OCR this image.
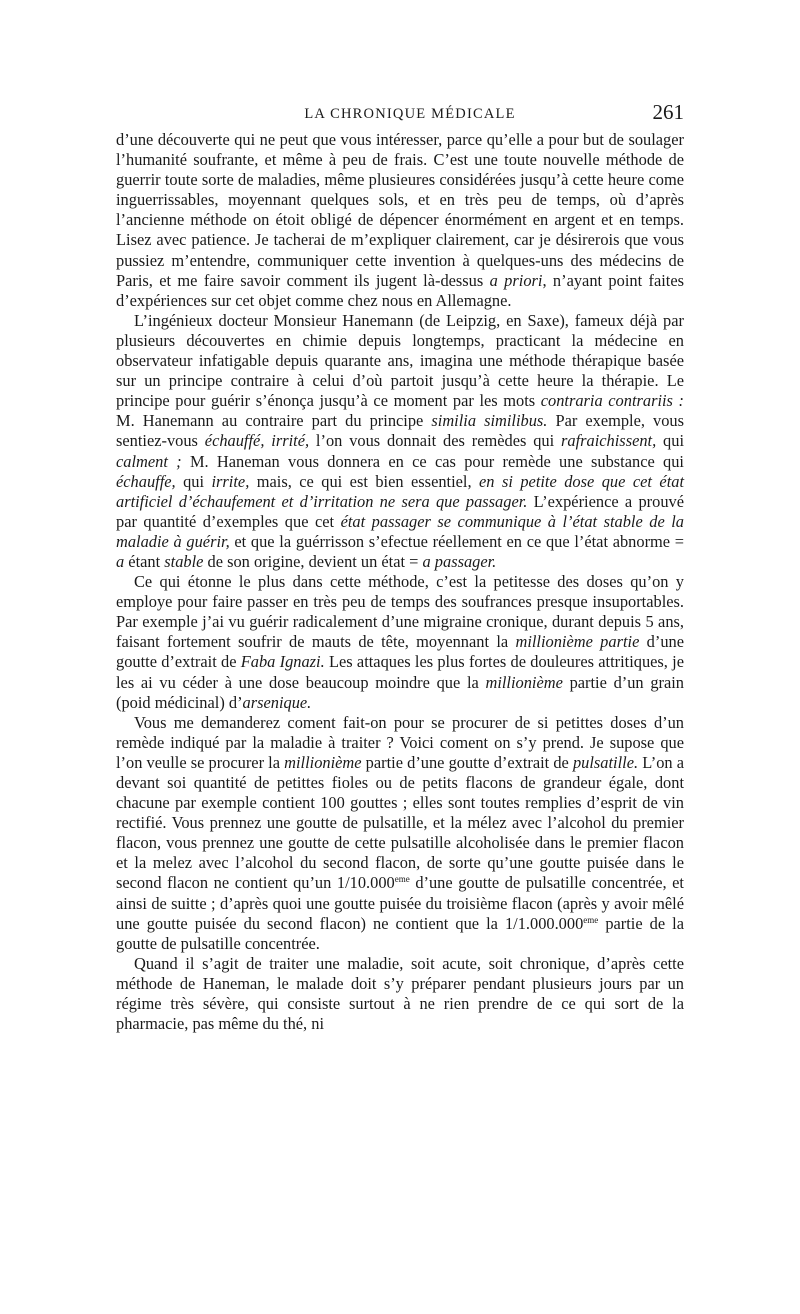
LA CHRONIQUE MÉDICALE	261

d’une découverte qui ne peut que vous intéresser, parce qu’elle a pour but de soulager l’humanité soufrante, et même à peu de frais. C’est une toute nouvelle méthode de guerrir toute sorte de maladies, même plusieures considérées jusqu’à cette heure come inguerrissables, moyennant quelques sols, et en très peu de temps, où d’après l’ancienne méthode on étoit obligé de dépencer énormément en argent et en temps. Lisez avec patience. Je tacherai de m’expliquer clairement, car je désirerois que vous pussiez m’entendre, communiquer cette invention à quelques-uns des médecins de Paris, et me faire savoir comment ils jugent là-dessus a priori, n’ayant point faites d’expériences sur cet objet comme chez nous en Allemagne.

L’ingénieux docteur Monsieur Hanemann (de Leipzig, en Saxe), fameux déjà par plusieurs découvertes en chimie depuis longtemps, practicant la médecine en observateur infatigable depuis quarante ans, imagina une méthode thérapique basée sur un principe contraire à celui d’où partoit jusqu’à cette heure la thérapie. Le principe pour guérir s’énonça jusqu’à ce moment par les mots contraria contrariis : M. Hanemann au contraire part du principe similia similibus. Par exemple, vous sentiez-vous échauffé, irrité, l’on vous donnait des remèdes qui rafraichissent, qui calment ; M. Haneman vous donnera en ce cas pour remède une substance qui échauffe, qui irrite, mais, ce qui est bien essentiel, en si petite dose que cet état artificiel d’échaufement et d’irritation ne sera que passager. L’expérience a prouvé par quantité d’exemples que cet état passager se communique à l’état stable de la maladie à guérir, et que la guérrisson s’efectue réellement en ce que l’état abnorme = a étant stable de son origine, devient un état = a passager.

Ce qui étonne le plus dans cette méthode, c’est la petitesse des doses qu’on y employe pour faire passer en très peu de temps des soufrances presque insuportables. Par exemple j’ai vu guérir radicalement d’une migraine cronique, durant depuis 5 ans, faisant fortement soufrir de mauts de tête, moyennant la millionième partie d’une goutte d’extrait de Faba Ignazi. Les attaques les plus fortes de douleures attritiques, je les ai vu céder à une dose beaucoup moindre que la millionième partie d’un grain (poid médicinal) d’arsenique.

Vous me demanderez coment fait-on pour se procurer de si petittes doses d’un remède indiqué par la maladie à traiter ? Voici coment on s’y prend. Je supose que l’on veulle se procurer la millionième partie d’une goutte d’extrait de pulsatille. L’on a devant soi quantité de petittes fioles ou de petits flacons de grandeur égale, dont chacune par exemple contient 100 gouttes ; elles sont toutes remplies d’esprit de vin rectifié. Vous prennez une goutte de pulsatille, et la mélez avec l’alcohol du premier flacon, vous prennez une goutte de cette pulsatille alcoholisée dans le premier flacon et la melez avec l’alcohol du second flacon, de sorte qu’une goutte puisée dans le second flacon ne contient qu’un 1/10.000eme d’une goutte de pulsatille concentrée, et ainsi de suitte ; d’après quoi une goutte puisée du troisième flacon (après y avoir mêlé une goutte puisée du second flacon) ne contient que la 1/1.000.000eme partie de la goutte de pulsatille concentrée.

Quand il s’agit de traiter une maladie, soit acute, soit chronique, d’après cette méthode de Haneman, le malade doit s’y préparer pendant plusieurs jours par un régime très sévère, qui consiste surtout à ne rien prendre de ce qui sort de la pharmacie, pas même du thé, ni
